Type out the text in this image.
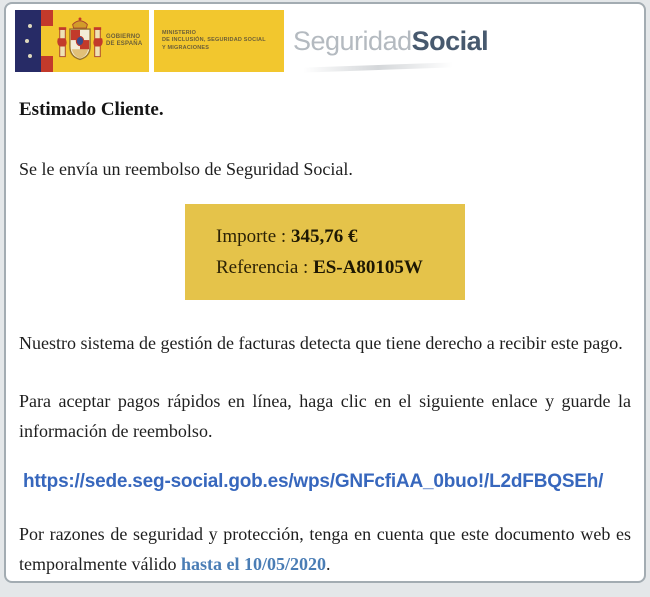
GOBIERNO
DE ESPAÑA
MINISTERIO
DE INCLUSIÓN, SEGURIDAD SOCIAL
Y MIGRACIONES	Seguridad Social
Estimado Cliente.
Se le envía un reembolso de Seguridad Social.
Importe : 345,76 €
Referencia : ES-A80105W
Nuestro sistema de gestión de facturas detecta que tiene derecho a recibir este pago.
Para aceptar pagos rápidos en línea, haga clic en el siguiente enlace y guarde la información de reembolso.
https://sede.seg-social.gob.es/wps/GNFcfiAA_0buo!/L2dFBQSEh/
Por razones de seguridad y protección, tenga en cuenta que este documento web es temporalmente válido hasta el 10/05/2020.
